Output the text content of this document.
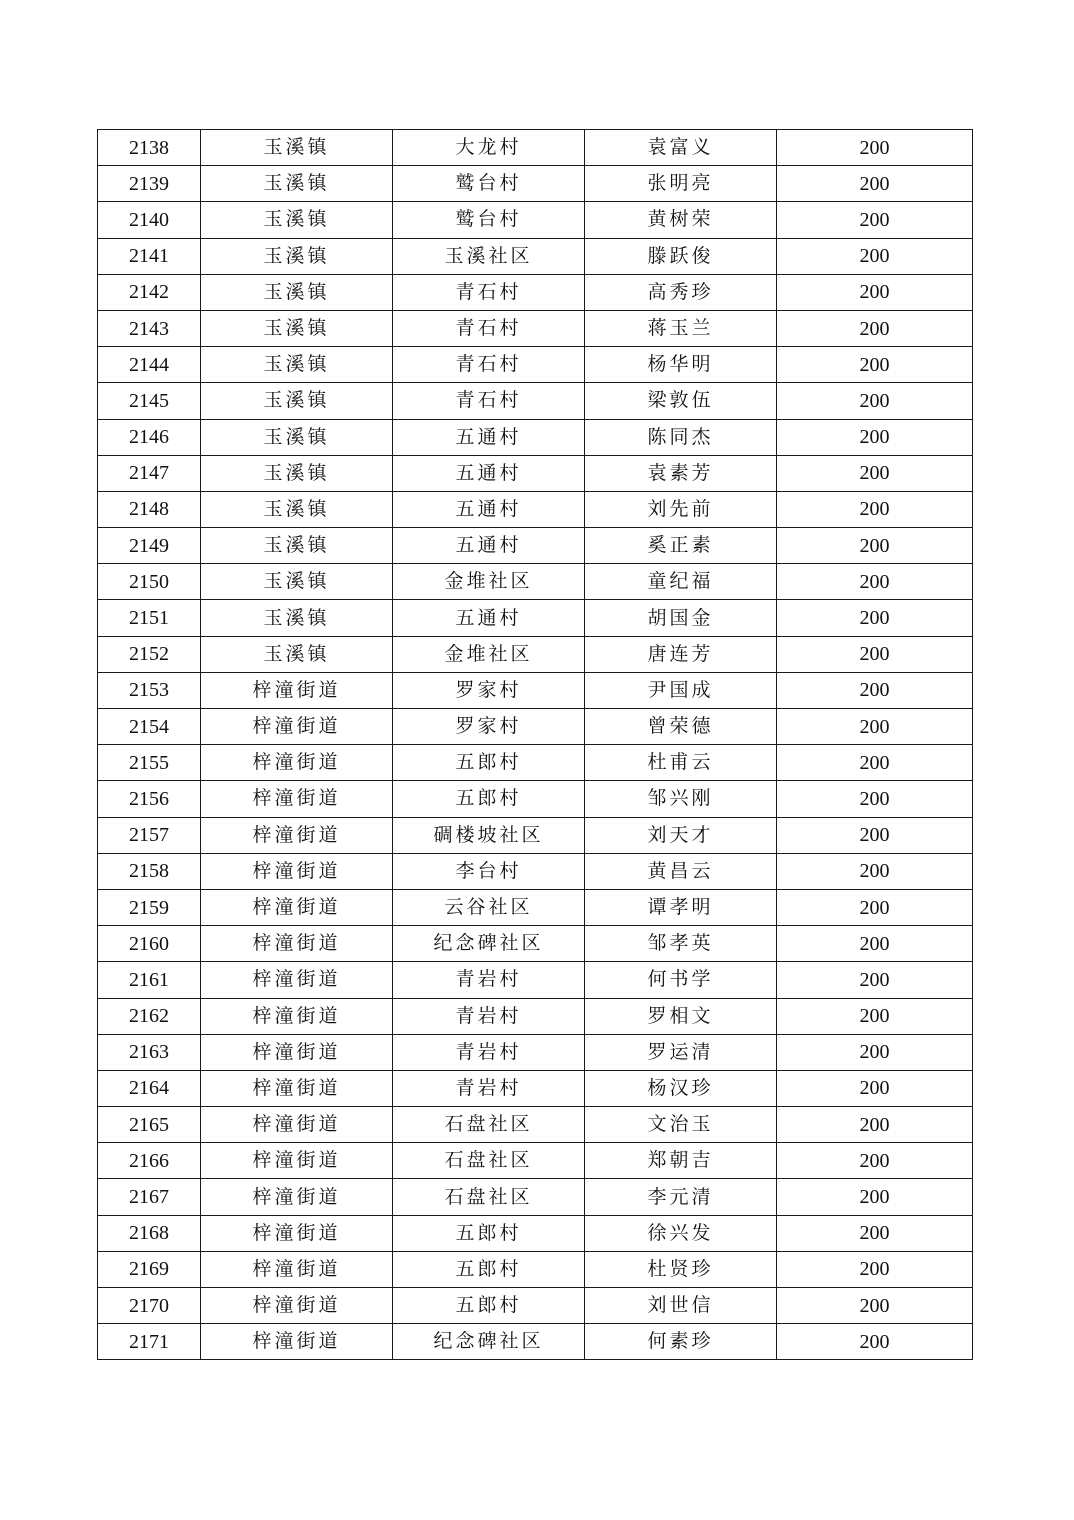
2138	玉溪镇	大龙村	袁富义	200
2139	玉溪镇	鹫台村	张明亮	200
2140	玉溪镇	鹫台村	黄树荣	200
2141	玉溪镇	玉溪社区	滕跃俊	200
2142	玉溪镇	青石村	高秀珍	200
2143	玉溪镇	青石村	蒋玉兰	200
2144	玉溪镇	青石村	杨华明	200
2145	玉溪镇	青石村	梁敦伍	200
2146	玉溪镇	五通村	陈同杰	200
2147	玉溪镇	五通村	袁素芳	200
2148	玉溪镇	五通村	刘先前	200
2149	玉溪镇	五通村	奚正素	200
2150	玉溪镇	金堆社区	童纪福	200
2151	玉溪镇	五通村	胡国金	200
2152	玉溪镇	金堆社区	唐连芳	200
2153	梓潼街道	罗家村	尹国成	200
2154	梓潼街道	罗家村	曾荣德	200
2155	梓潼街道	五郎村	杜甫云	200
2156	梓潼街道	五郎村	邹兴刚	200
2157	梓潼街道	碉楼坡社区	刘天才	200
2158	梓潼街道	李台村	黄昌云	200
2159	梓潼街道	云谷社区	谭孝明	200
2160	梓潼街道	纪念碑社区	邹孝英	200
2161	梓潼街道	青岩村	何书学	200
2162	梓潼街道	青岩村	罗相文	200
2163	梓潼街道	青岩村	罗运清	200
2164	梓潼街道	青岩村	杨汉珍	200
2165	梓潼街道	石盘社区	文治玉	200
2166	梓潼街道	石盘社区	郑朝吉	200
2167	梓潼街道	石盘社区	李元清	200
2168	梓潼街道	五郎村	徐兴发	200
2169	梓潼街道	五郎村	杜贤珍	200
2170	梓潼街道	五郎村	刘世信	200
2171	梓潼街道	纪念碑社区	何素珍	200
